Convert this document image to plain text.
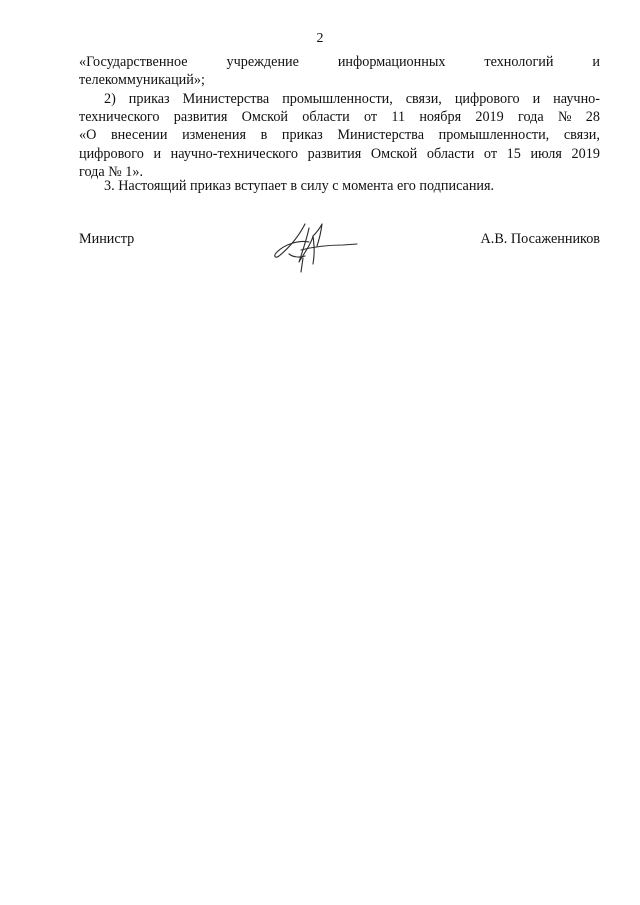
2
«Государственное	учреждение	информационных	технологий	и
телекоммуникаций»;
2) приказ Министерства промышленности, связи, цифрового и научно-
технического развития Омской области от 11 ноября 2019 года № 28
«О внесении изменения в приказ Министерства промышленности, связи,
цифрового и научно-технического развития Омской области от 15 июля 2019
года № 1».
3. Настоящий приказ вступает в силу с момента его подписания.
Министр	А.В. Посаженников
